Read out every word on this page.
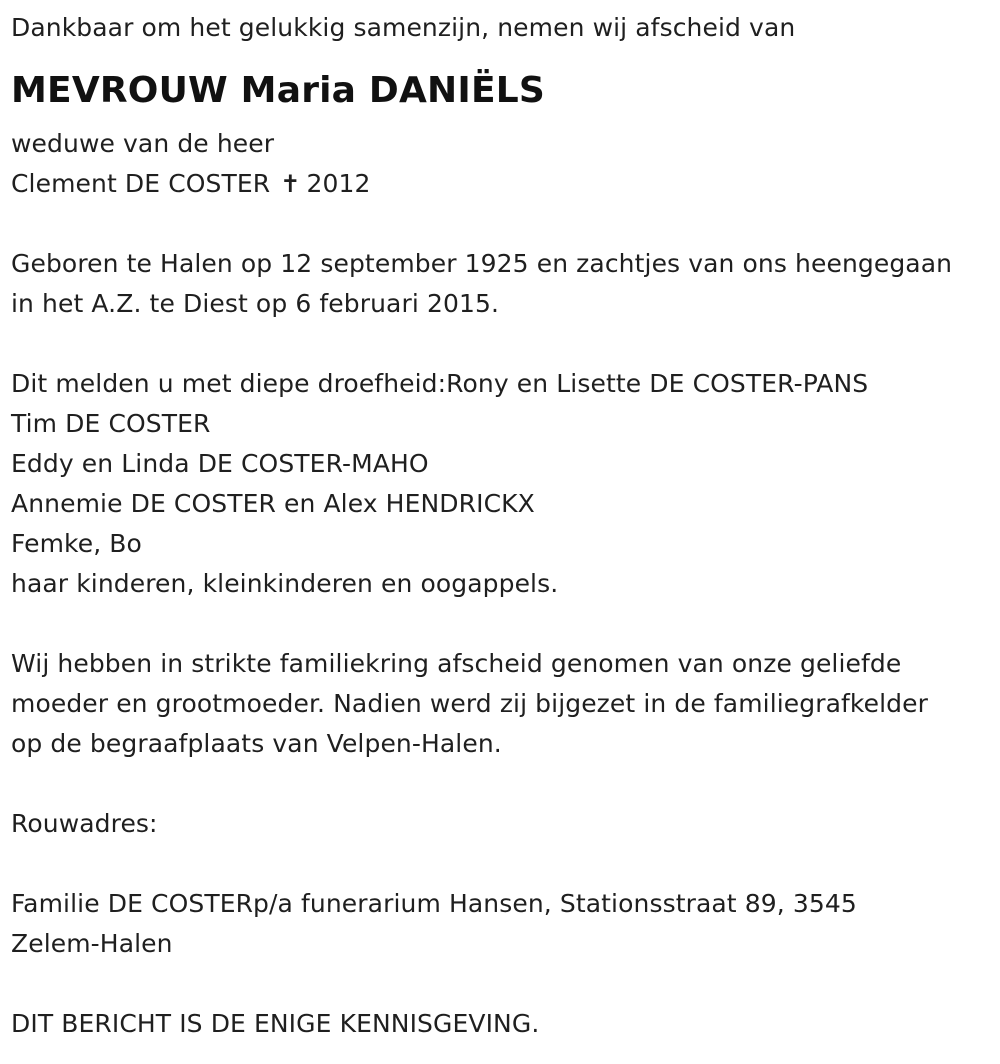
Dankbaar om het gelukkig samenzijn, nemen wij afscheid van
MEVROUW Maria DANIËLS
weduwe van de heer
Clement DE COSTER ✝ 2012
Geboren te Halen op 12 september 1925 en zachtjes van ons heengegaan
in het A.Z. te Diest op 6 februari 2015.
Dit melden u met diepe droefheid:Rony en Lisette DE COSTER-PANS
Tim DE COSTER
Eddy en Linda DE COSTER-MAHO
Annemie DE COSTER en Alex HENDRICKX
Femke, Bo
haar kinderen, kleinkinderen en oogappels.
Wij hebben in strikte familiekring afscheid genomen van onze geliefde
moeder en grootmoeder. Nadien werd zij bijgezet in de familiegrafkelder
op de begraafplaats van Velpen-Halen.
Rouwadres:
Familie DE COSTERp/a funerarium Hansen, Stationsstraat 89, 3545
Zelem-Halen
DIT BERICHT IS DE ENIGE KENNISGEVING.
